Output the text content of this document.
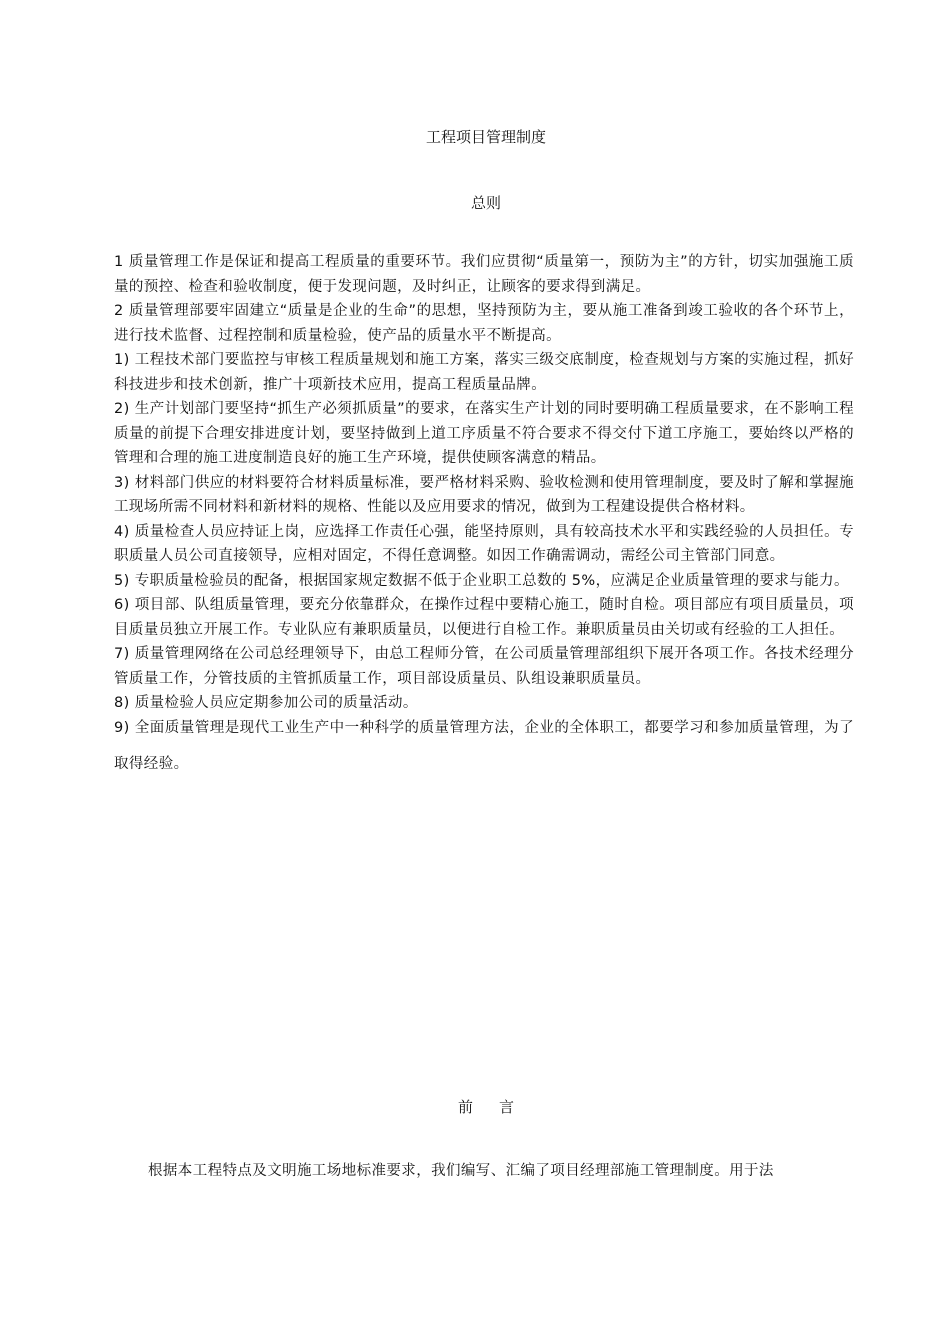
工程项目管理制度
总则

1 质量管理工作是保证和提高工程质量的重要环节。我们应贯彻“质量第一，预防为主”的方针，切实加强施工质量的预控、检查和验收制度，便于发现问题，及时纠正，让顾客的要求得到满足。

2 质量管理部要牢固建立“质量是企业的生命”的思想，坚持预防为主，要从施工准备到竣工验收的各个环节上，进行技术监督、过程控制和质量检验，使产品的质量水平不断提高。

1) 工程技术部门要监控与审核工程质量规划和施工方案，落实三级交底制度，检查规划与方案的实施过程，抓好科技进步和技术创新，推广十项新技术应用，提高工程质量品牌。

2) 生产计划部门要坚持“抓生产必须抓质量”的要求，在落实生产计划的同时要明确工程质量要求，在不影响工程质量的前提下合理安排进度计划，要坚持做到上道工序质量不符合要求不得交付下道工序施工，要始终以严格的管理和合理的施工进度制造良好的施工生产环境，提供使顾客满意的精品。

3) 材料部门供应的材料要符合材料质量标准，要严格材料采购、验收检测和使用管理制度，要及时了解和掌握施工现场所需不同材料和新材料的规格、性能以及应用要求的情况，做到为工程建设提供合格材料。

4) 质量检查人员应持证上岗，应选择工作责任心强，能坚持原则，具有较高技术水平和实践经验的人员担任。专职质量人员公司直接领导，应相对固定，不得任意调整。如因工作确需调动，需经公司主管部门同意。

5) 专职质量检验员的配备，根据国家规定数据不低于企业职工总数的 5%，应满足企业质量管理的要求与能力。

6) 项目部、队组质量管理，要充分依靠群众，在操作过程中要精心施工，随时自检。项目部应有项目质量员，项目质量员独立开展工作。专业队应有兼职质量员，以便进行自检工作。兼职质量员由关切或有经验的工人担任。

7) 质量管理网络在公司总经理领导下，由总工程师分管，在公司质量管理部组织下展开各项工作。各技术经理分管质量工作，分管技质的主管抓质量工作，项目部设质量员、队组设兼职质量员。

8) 质量检验人员应定期参加公司的质量活动。

9) 全面质量管理是现代工业生产中一种科学的质量管理方法，企业的全体职工，都要学习和参加质量管理，为了取得经验。

前 言

根据本工程特点及文明施工场地标准要求，我们编写、汇编了项目经理部施工管理制度。用于法
